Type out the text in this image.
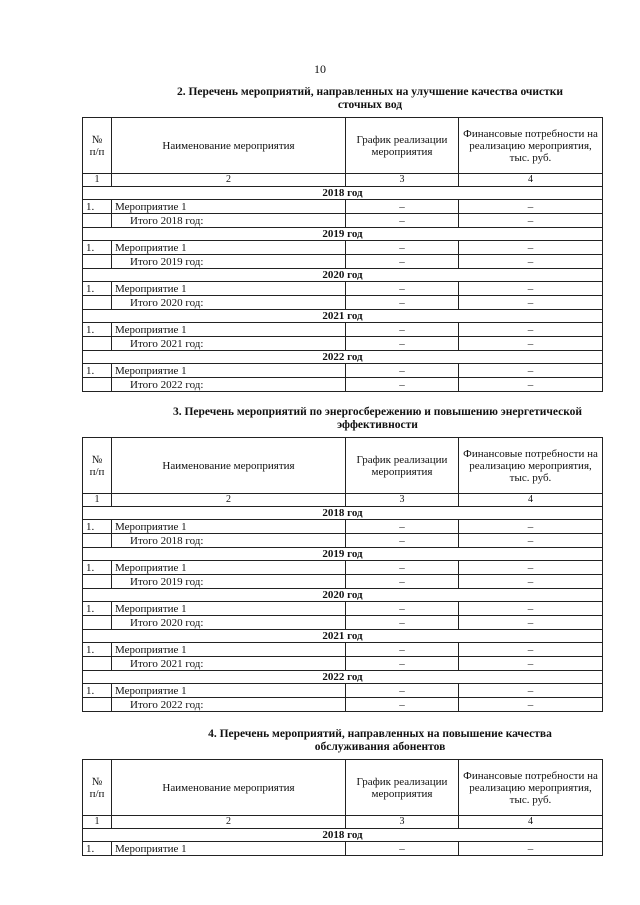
10
2. Перечень мероприятий, направленных на улучшение качества очистки
сточных вод
№ п/п	Наименование мероприятия	График реализации мероприятия	Финансовые потребности на реализацию мероприятия, тыс. руб.
1	2	3	4
2018 год			
1.	Мероприятие 1	–	–
	Итого 2018 год:	–	–
2019 год			
1.	Мероприятие 1	–	–
	Итого 2019 год:	–	–
2020 год			
1.	Мероприятие 1	–	–
	Итого 2020 год:	–	–
2021 год			
1.	Мероприятие 1	–	–
	Итого 2021 год:	–	–
2022 год			
1.	Мероприятие 1	–	–
	Итого 2022 год:	–	–
3. Перечень мероприятий по энергосбережению и повышению энергетической
эффективности
№ п/п	Наименование мероприятия	График реализации мероприятия	Финансовые потребности на реализацию мероприятия, тыс. руб.
1	2	3	4
2018 год			
1.	Мероприятие 1	–	–
	Итого 2018 год:	–	–
2019 год			
1.	Мероприятие 1	–	–
	Итого 2019 год:	–	–
2020 год			
1.	Мероприятие 1	–	–
	Итого 2020 год:	–	–
2021 год			
1.	Мероприятие 1	–	–
	Итого 2021 год:	–	–
2022 год			
1.	Мероприятие 1	–	–
	Итого 2022 год:	–	–
4. Перечень мероприятий, направленных на повышение качества
обслуживания абонентов
№ п/п	Наименование мероприятия	График реализации мероприятия	Финансовые потребности на реализацию мероприятия, тыс. руб.
1	2	3	4
2018 год			
1.	Мероприятие 1	–	–
